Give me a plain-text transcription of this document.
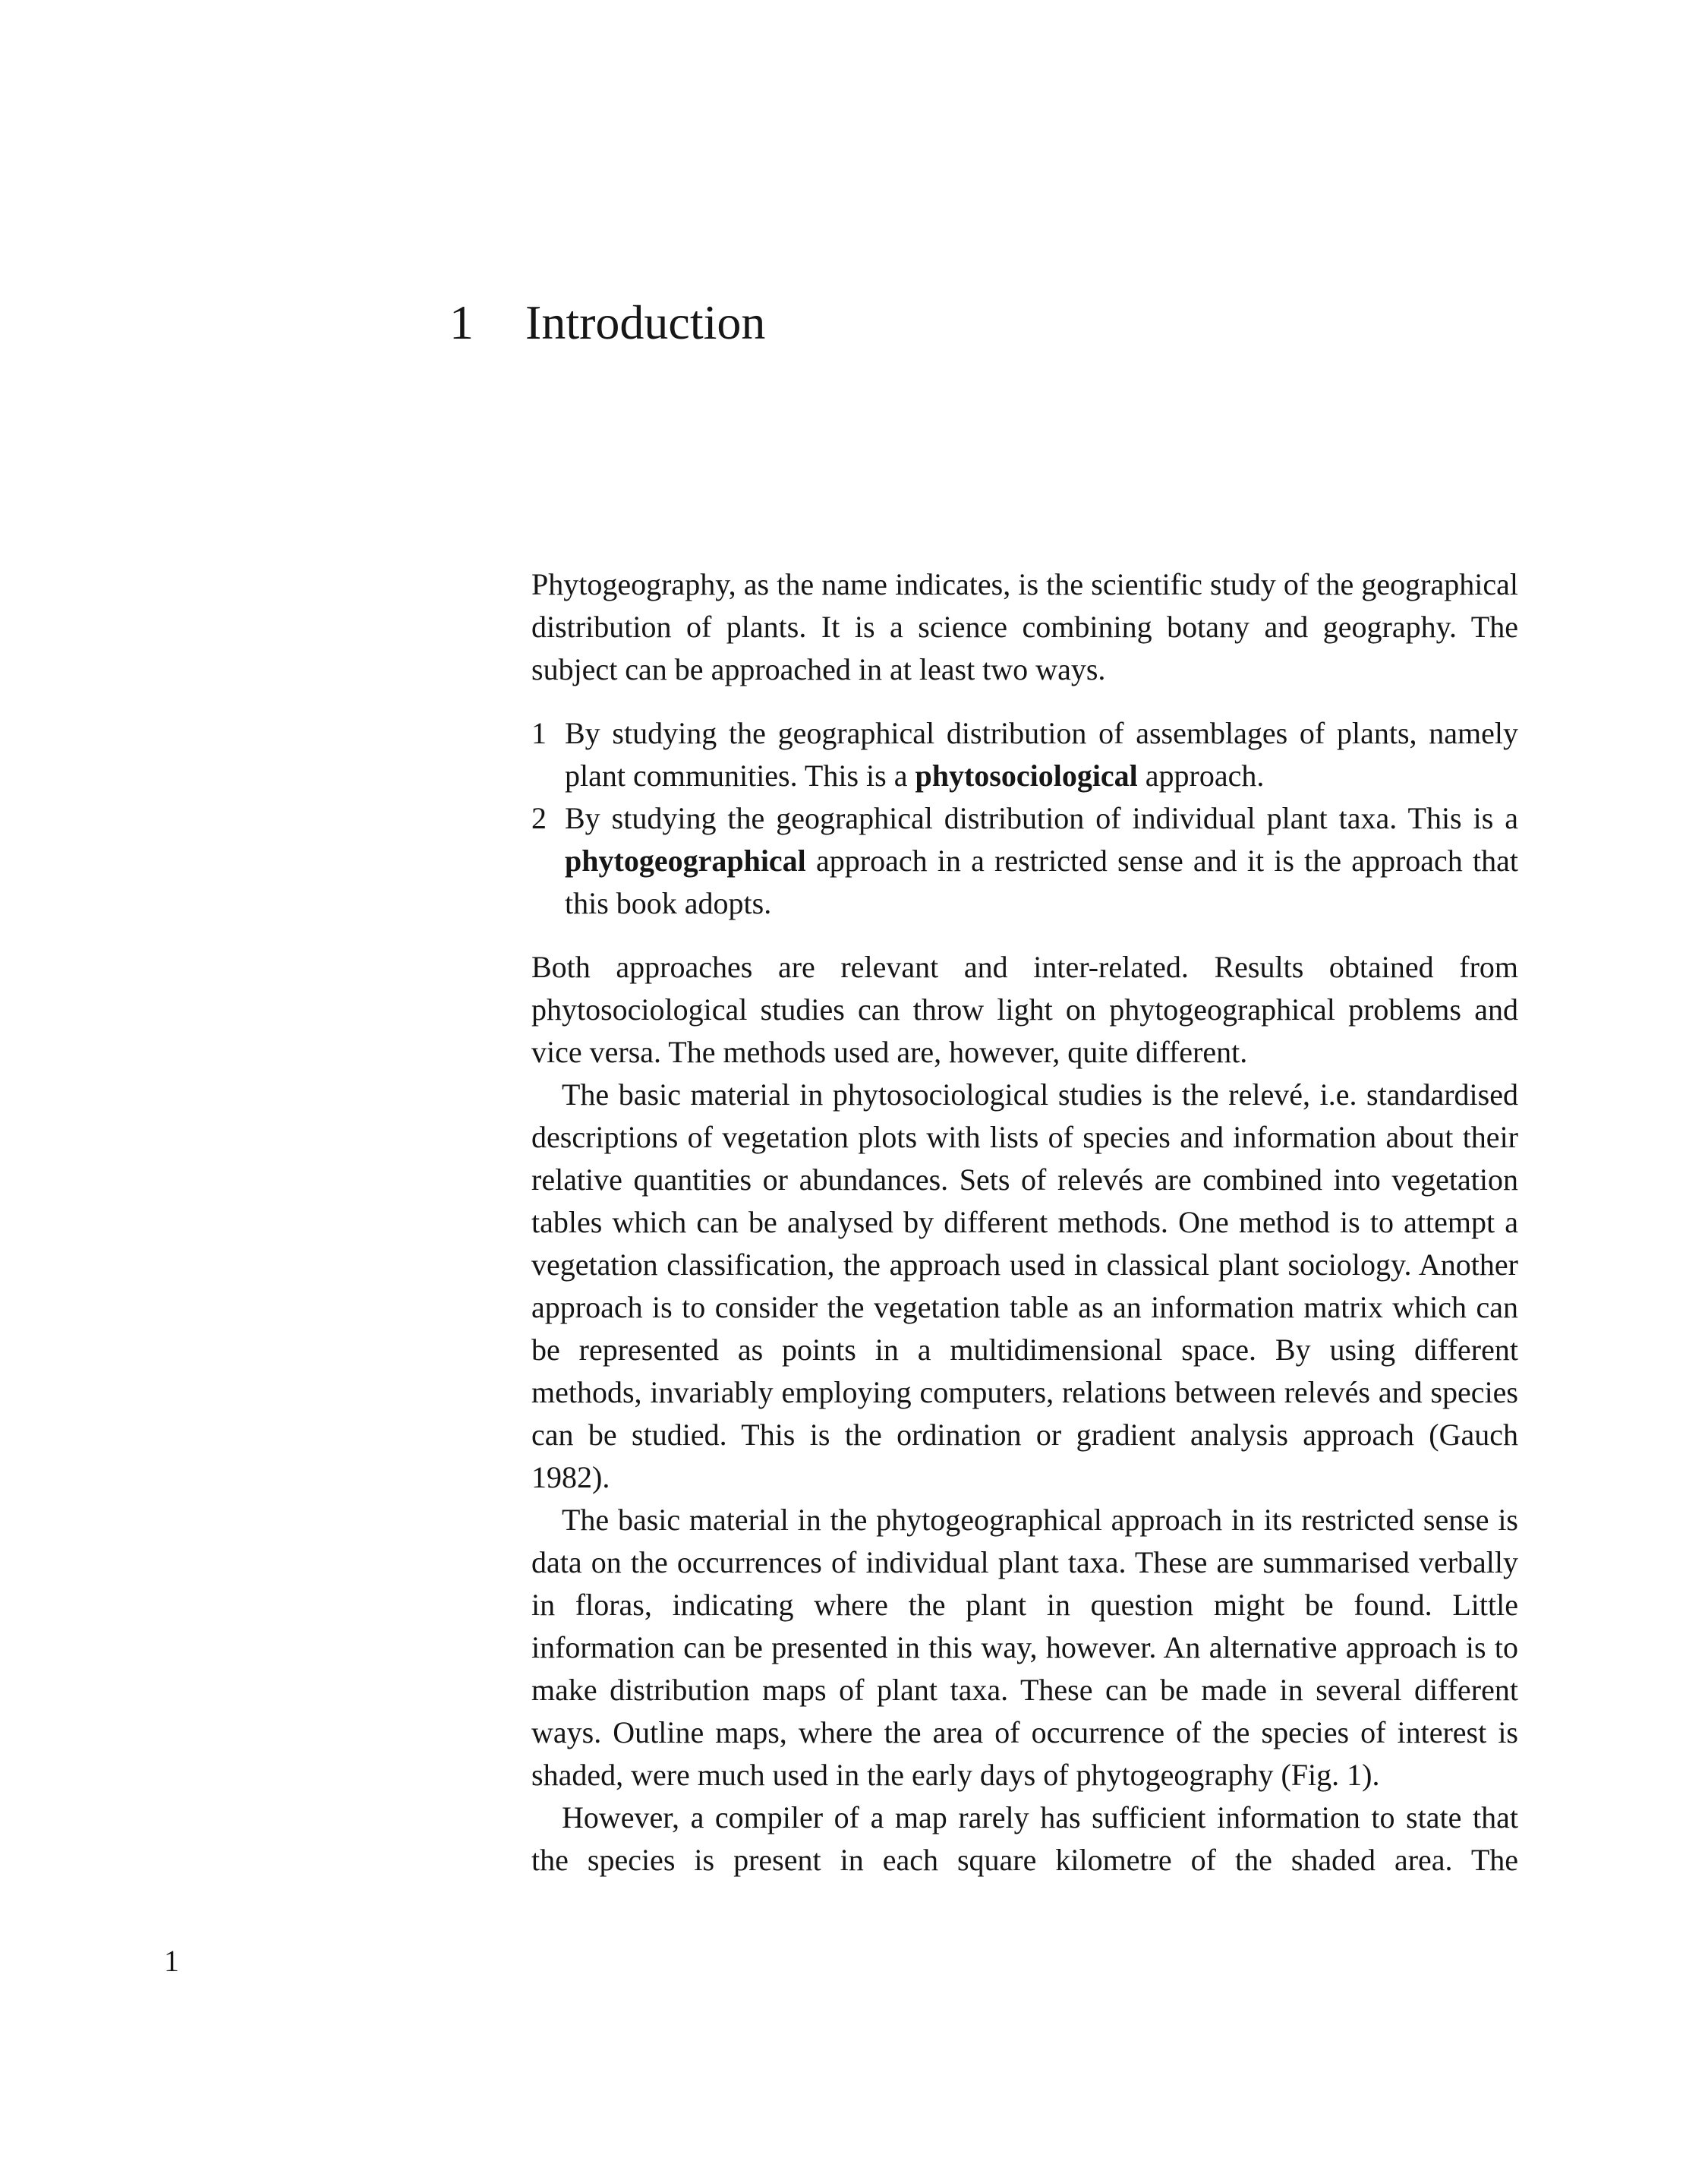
1 Introduction

Phytogeography, as the name indicates, is the scientific study of the geographical distribution of plants. It is a science combining botany and geography. The subject can be approached in at least two ways.

1 By studying the geographical distribution of assemblages of plants, namely plant communities. This is a phytosociological approach.
2 By studying the geographical distribution of individual plant taxa. This is a phytogeographical approach in a restricted sense and it is the approach that this book adopts.

Both approaches are relevant and inter-related. Results obtained from phytosociological studies can throw light on phytogeographical problems and vice versa. The methods used are, however, quite different.

The basic material in phytosociological studies is the relevé, i.e. standardised descriptions of vegetation plots with lists of species and information about their relative quantities or abundances. Sets of relevés are combined into vegetation tables which can be analysed by different methods. One method is to attempt a vegetation classification, the approach used in classical plant sociology. Another approach is to consider the vegetation table as an information matrix which can be represented as points in a multidimensional space. By using different methods, invariably employing computers, relations between relevés and species can be studied. This is the ordination or gradient analysis approach (Gauch 1982).

The basic material in the phytogeographical approach in its restricted sense is data on the occurrences of individual plant taxa. These are summarised verbally in floras, indicating where the plant in question might be found. Little information can be presented in this way, however. An alternative approach is to make distribution maps of plant taxa. These can be made in several different ways. Outline maps, where the area of occurrence of the species of interest is shaded, were much used in the early days of phytogeography (Fig. 1).

However, a compiler of a map rarely has sufficient information to state that the species is present in each square kilometre of the shaded area. The

1
